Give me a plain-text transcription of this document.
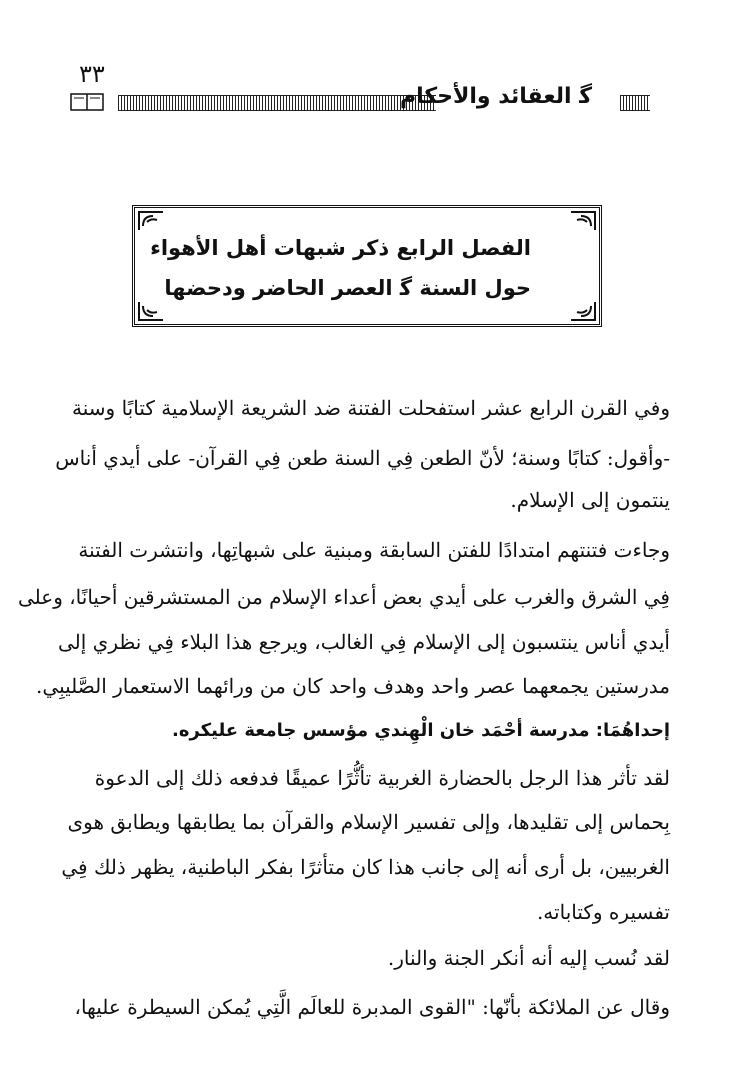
٣٣
ﮔ العقائد والأحكام
الفصل الرابع ذكر شبهات أهل الأهواء
حول السنة ﮔ العصر الحاضر ودحضها
وفي القرن الرابع عشر استفحلت الفتنة ضد الشريعة الإسلامية كتابًا وسنة
-وأقول: كتابًا وسنة؛ لأنّ الطعن فِي السنة طعن فِي القرآن- على أيدي أناس
ينتمون إلى الإسلام.
وجاءت فتنتهم امتدادًا للفتن السابقة ومبنية على شبهاتِها، وانتشرت الفتنة
فِي الشرق والغرب على أيدي بعض أعداء الإسلام من المستشرقين أحيانًا، وعلى
أيدي أناس ينتسبون إلى الإسلام فِي الغالب، ويرجع هذا البلاء فِي نظري إلى
مدرستين يجمعهما عصر واحد وهدف واحد كان من ورائهما الاستعمار الصَّليبِي.
إحداهُمَا: مدرسة أحْمَد خان الْهِندي مؤسس جامعة عليكره.
لقد تأثر هذا الرجل بالحضارة الغربية تأثُّرًا عميقًا فدفعه ذلك إلى الدعوة
بِحماس إلى تقليدها، وإلى تفسير الإسلام والقرآن بما يطابقها ويطابق هوى
الغربيين، بل أرى أنه إلى جانب هذا كان متأثرًا بفكر الباطنية، يظهر ذلك فِي
تفسيره وكتاباته.
لقد نُسب إليه أنه أنكر الجنة والنار.
وقال عن الملائكة بأنّها: "القوى المدبرة للعالَم الَّتِي يُمكن السيطرة عليها،
